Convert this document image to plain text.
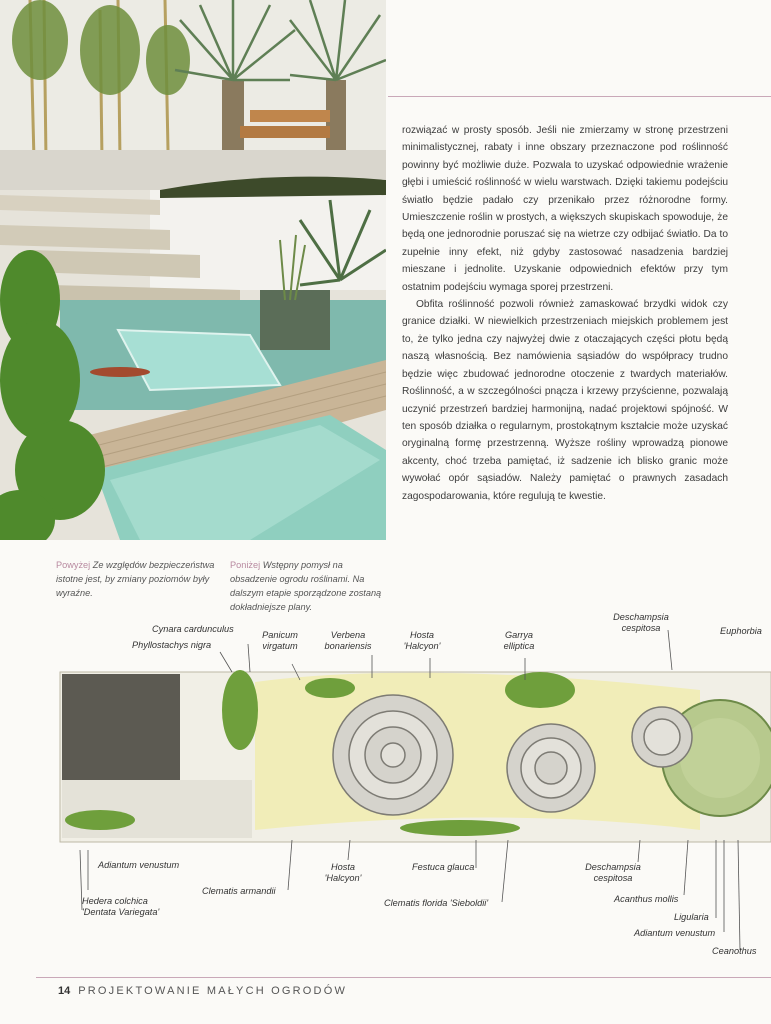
rozwiązać w prosty sposób. Jeśli nie zmierzamy w stronę przestrzeni minimalistycznej, rabaty i inne obszary przeznaczone pod roślinność powinny być możliwie duże. Pozwala to uzyskać odpowiednie wrażenie głębi i umieścić roślinność w wielu warstwach. Dzięki takiemu podejściu światło będzie padało czy przenikało przez różnorodne formy. Umieszczenie roślin w prostych, a większych skupiskach spowoduje, że będą one jednorodnie poruszać się na wietrze czy odbijać światło. Da to zupełnie inny efekt, niż gdyby zastosować nasadzenia bardziej mieszane i jednolite. Uzyskanie odpowiednich efektów przy tym ostatnim podejściu wymaga sporej przestrzeni.

Obfita roślinność pozwoli również zamaskować brzydki widok czy granice działki. W niewielkich przestrzeniach miejskich problemem jest to, że tylko jedna czy najwyżej dwie z otaczających części płotu będą naszą własnością. Bez namówienia sąsiadów do współpracy trudno będzie więc zbudować jednorodne otoczenie z twardych materiałów. Roślinność, a w szczególności pnącza i krzewy przyścienne, pozwalają uczynić przestrzeń bardziej harmonijną, nadać projektowi spójność. W ten sposób działka o regularnym, prostokątnym kształcie może uzyskać oryginalną formę przestrzenną. Wyższe rośliny wprowadzą pionowe akcenty, choć trzeba pamiętać, iż sadzenie ich blisko granic może wywołać opór sąsiadów. Należy pamiętać o prawnych zasadach zagospodarowania, które regulują te kwestie.

Powyżej Ze względów bezpieczeństwa istotne jest, by zmiany poziomów były wyraźne.
Poniżej Wstępny pomysł na obsadzenie ogrodu roślinami. Na dalszym etapie sporządzone zostaną dokładniejsze plany.
Cynara cardunculus
Phyllostachys nigra
Panicum virgatum
Verbena bonariensis
Hosta 'Halcyon'
Garrya elliptica
Deschampsia cespitosa	Euphorbia
Adiantum venustum
Hedera colchica 'Dentata Variegata'
Clematis armandii
Hosta 'Halcyon'
Festuca glauca
Clematis florida 'Sieboldii'
Deschampsia cespitosa
Acanthus mollis
Ligularia
Adiantum venustum
Ceanothus
14 PROJEKTOWANIE MAŁYCH OGRODÓW
